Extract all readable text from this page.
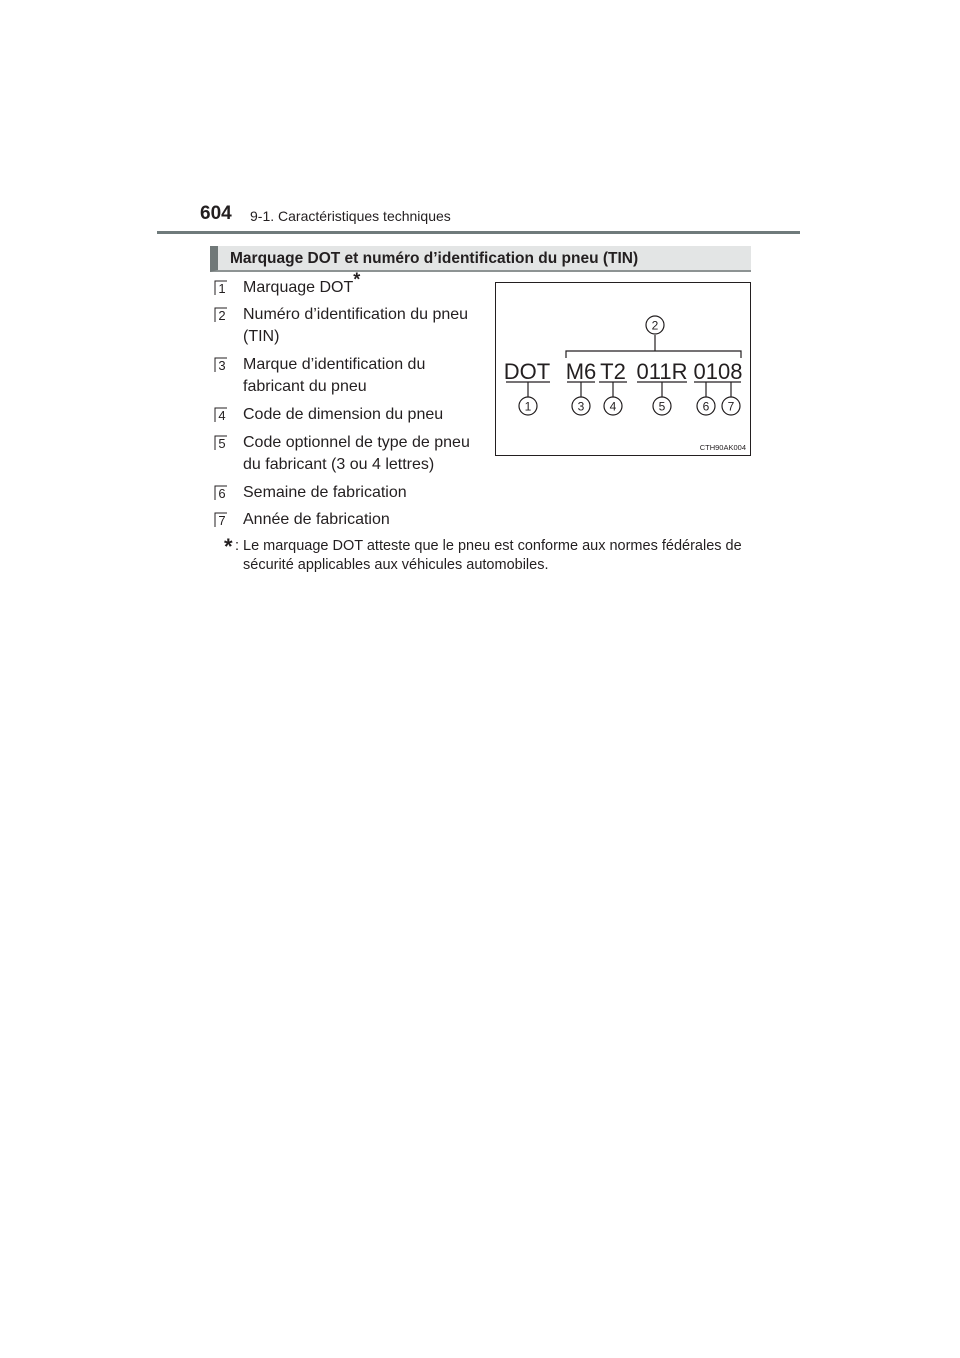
604 9-1. Caractéristiques techniques
Marquage DOT et numéro d’identification du pneu (TIN)
1 Marquage DOT*
2 Numéro d’identification du pneu (TIN)
3 Marque d’identification du fabricant du pneu
4 Code de dimension du pneu
5 Code optionnel de type de pneu du fabricant (3 ou 4 lettres)
6 Semaine de fabrication
7 Année de fabrication
DOT M6 T2 011R 0108
2
1	3 4	5	6 7
CTH90AK004
* : Le marquage DOT atteste que le pneu est conforme aux normes fédérales de sécurité applicables aux véhicules automobiles.
